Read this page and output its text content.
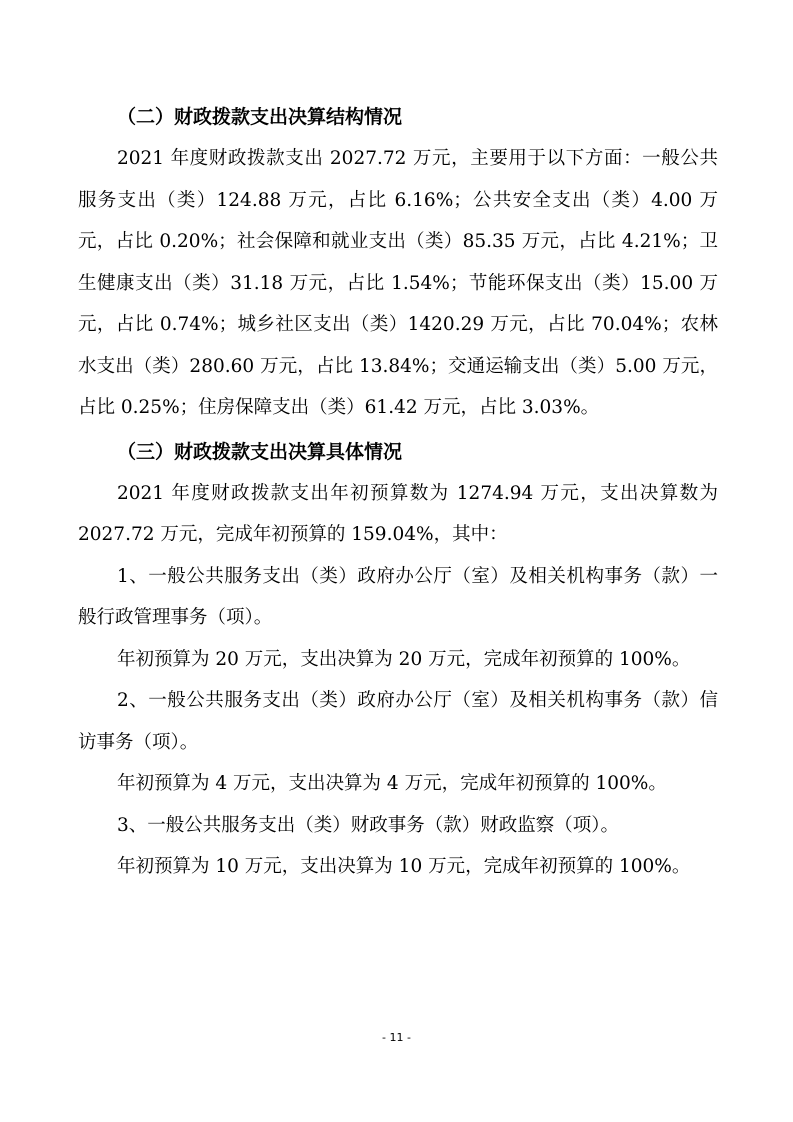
（二）财政拨款支出决算结构情况

2021 年度财政拨款支出 2027.72 万元，主要用于以下方面：一般公共服务支出（类）124.88 万元，占比 6.16%；公共安全支出（类）4.00 万元，占比 0.20%；社会保障和就业支出（类）85.35 万元，占比 4.21%；卫生健康支出（类）31.18 万元，占比 1.54%；节能环保支出（类）15.00 万元，占比 0.74%；城乡社区支出（类）1420.29 万元，占比 70.04%；农林水支出（类）280.60 万元，占比 13.84%；交通运输支出（类）5.00 万元，占比 0.25%；住房保障支出（类）61.42 万元，占比 3.03%。

（三）财政拨款支出决算具体情况

2021 年度财政拨款支出年初预算数为 1274.94 万元，支出决算数为 2027.72 万元，完成年初预算的 159.04%，其中：

1、一般公共服务支出（类）政府办公厅（室）及相关机构事务（款）一般行政管理事务（项）。

年初预算为 20 万元，支出决算为 20 万元，完成年初预算的 100%。

2、一般公共服务支出（类）政府办公厅（室）及相关机构事务（款）信访事务（项）。

年初预算为 4 万元，支出决算为 4 万元，完成年初预算的 100%。

3、一般公共服务支出（类）财政事务（款）财政监察（项）。

年初预算为 10 万元，支出决算为 10 万元，完成年初预算的 100%。

- 11 -
